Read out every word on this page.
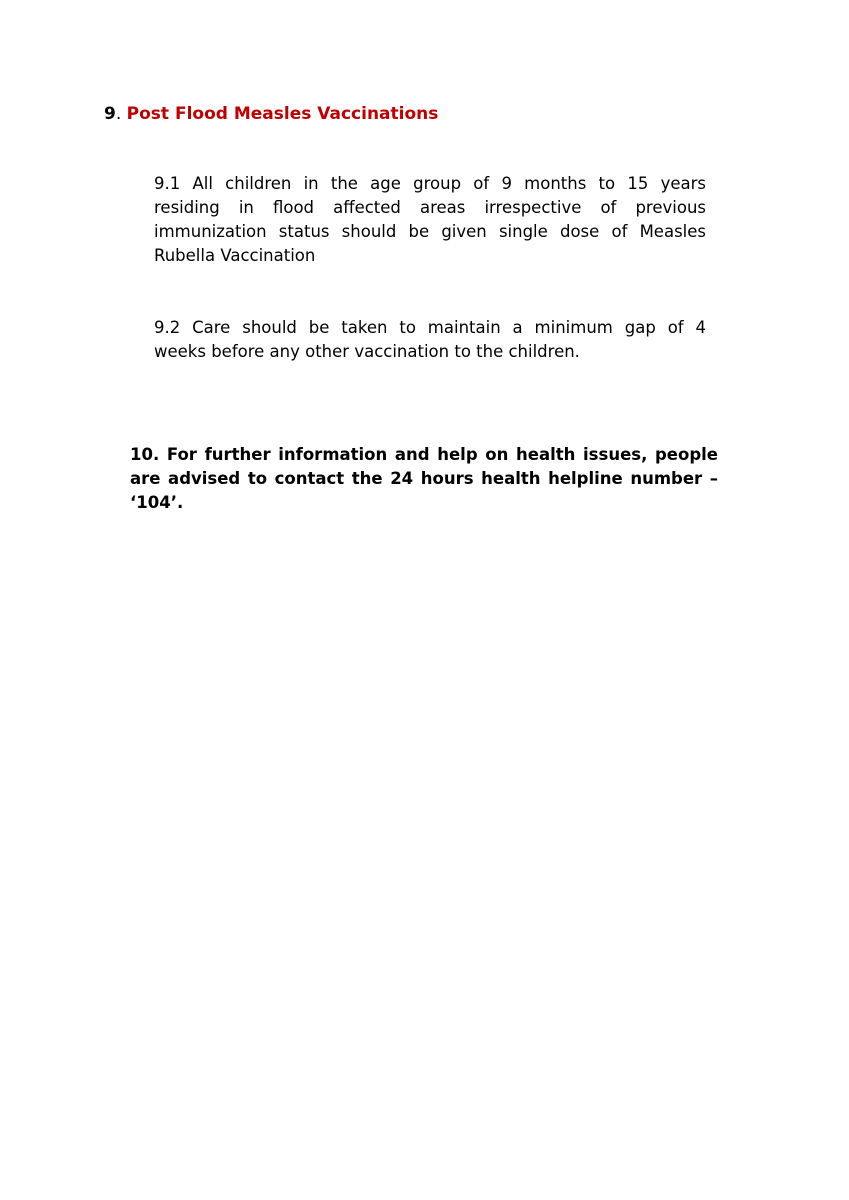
9. Post Flood Measles Vaccinations
9.1 All children in the age group of 9 months to 15 years
residing in flood affected areas irrespective of previous
immunization status should be given single dose of Measles
Rubella Vaccination
9.2 Care should be taken to maintain a minimum gap of 4
weeks before any other vaccination to the children.
10. For further information and help on health issues, people
are advised to contact the 24 hours health helpline number –
‘104’.
